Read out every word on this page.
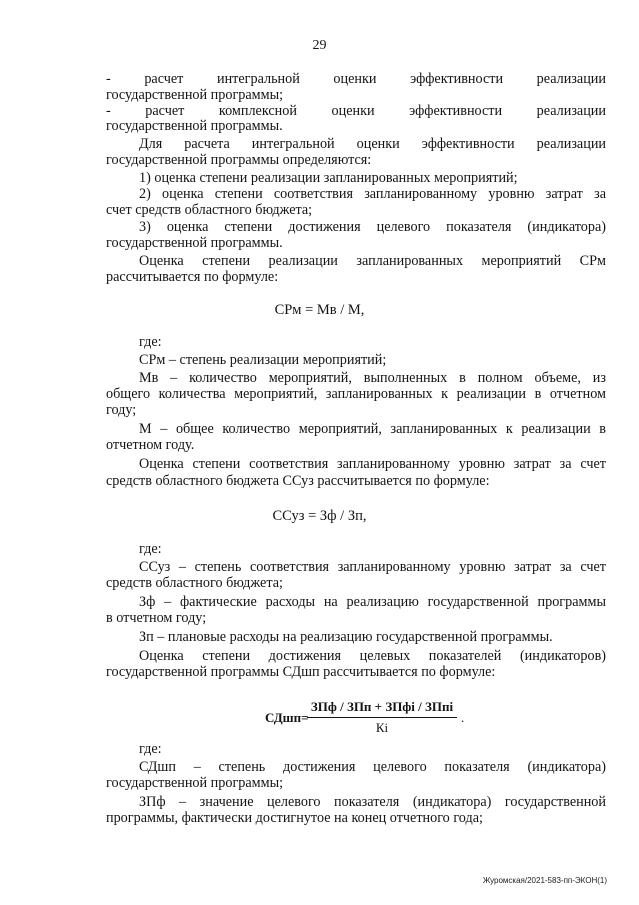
29
- расчет интегральной оценки эффективности реализации
государственной программы;
- расчет комплексной оценки эффективности реализации
государственной программы.
Для расчета интегральной оценки эффективности реализации
государственной программы определяются:
1) оценка степени реализации запланированных мероприятий;
2) оценка степени соответствия запланированному уровню затрат за
счет средств областного бюджета;
3) оценка степени достижения целевого показателя (индикатора)
государственной программы.
Оценка степени реализации запланированных мероприятий СРм
рассчитывается по формуле:
СРм = Мв / М,
где:
СРм – степень реализации мероприятий;
Мв – количество мероприятий, выполненных в полном объеме, из
общего количества мероприятий, запланированных к реализации в отчетном
году;
М – общее количество мероприятий, запланированных к реализации в
отчетном году.
Оценка степени соответствия запланированному уровню затрат за счет
средств областного бюджета ССуз рассчитывается по формуле:
ССуз = Зф / Зп,
где:
ССуз – степень соответствия запланированному уровню затрат за счет
средств областного бюджета;
Зф – фактические расходы на реализацию государственной программы
в отчетном году;
Зп – плановые расходы на реализацию государственной программы.
Оценка степени достижения целевых показателей (индикаторов)
государственной программы СДшп рассчитывается по формуле:
где:
СДшп – степень достижения целевого показателя (индикатора)
государственной программы;
ЗПф – значение целевого показателя (индикатора) государственной
программы, фактически достигнутое на конец отчетного года;
СДшп=
ЗПф / ЗПп + ЗПфi / ЗПпi
Кi
.
Журомская/2021-583-пп-ЭКОН(1)
